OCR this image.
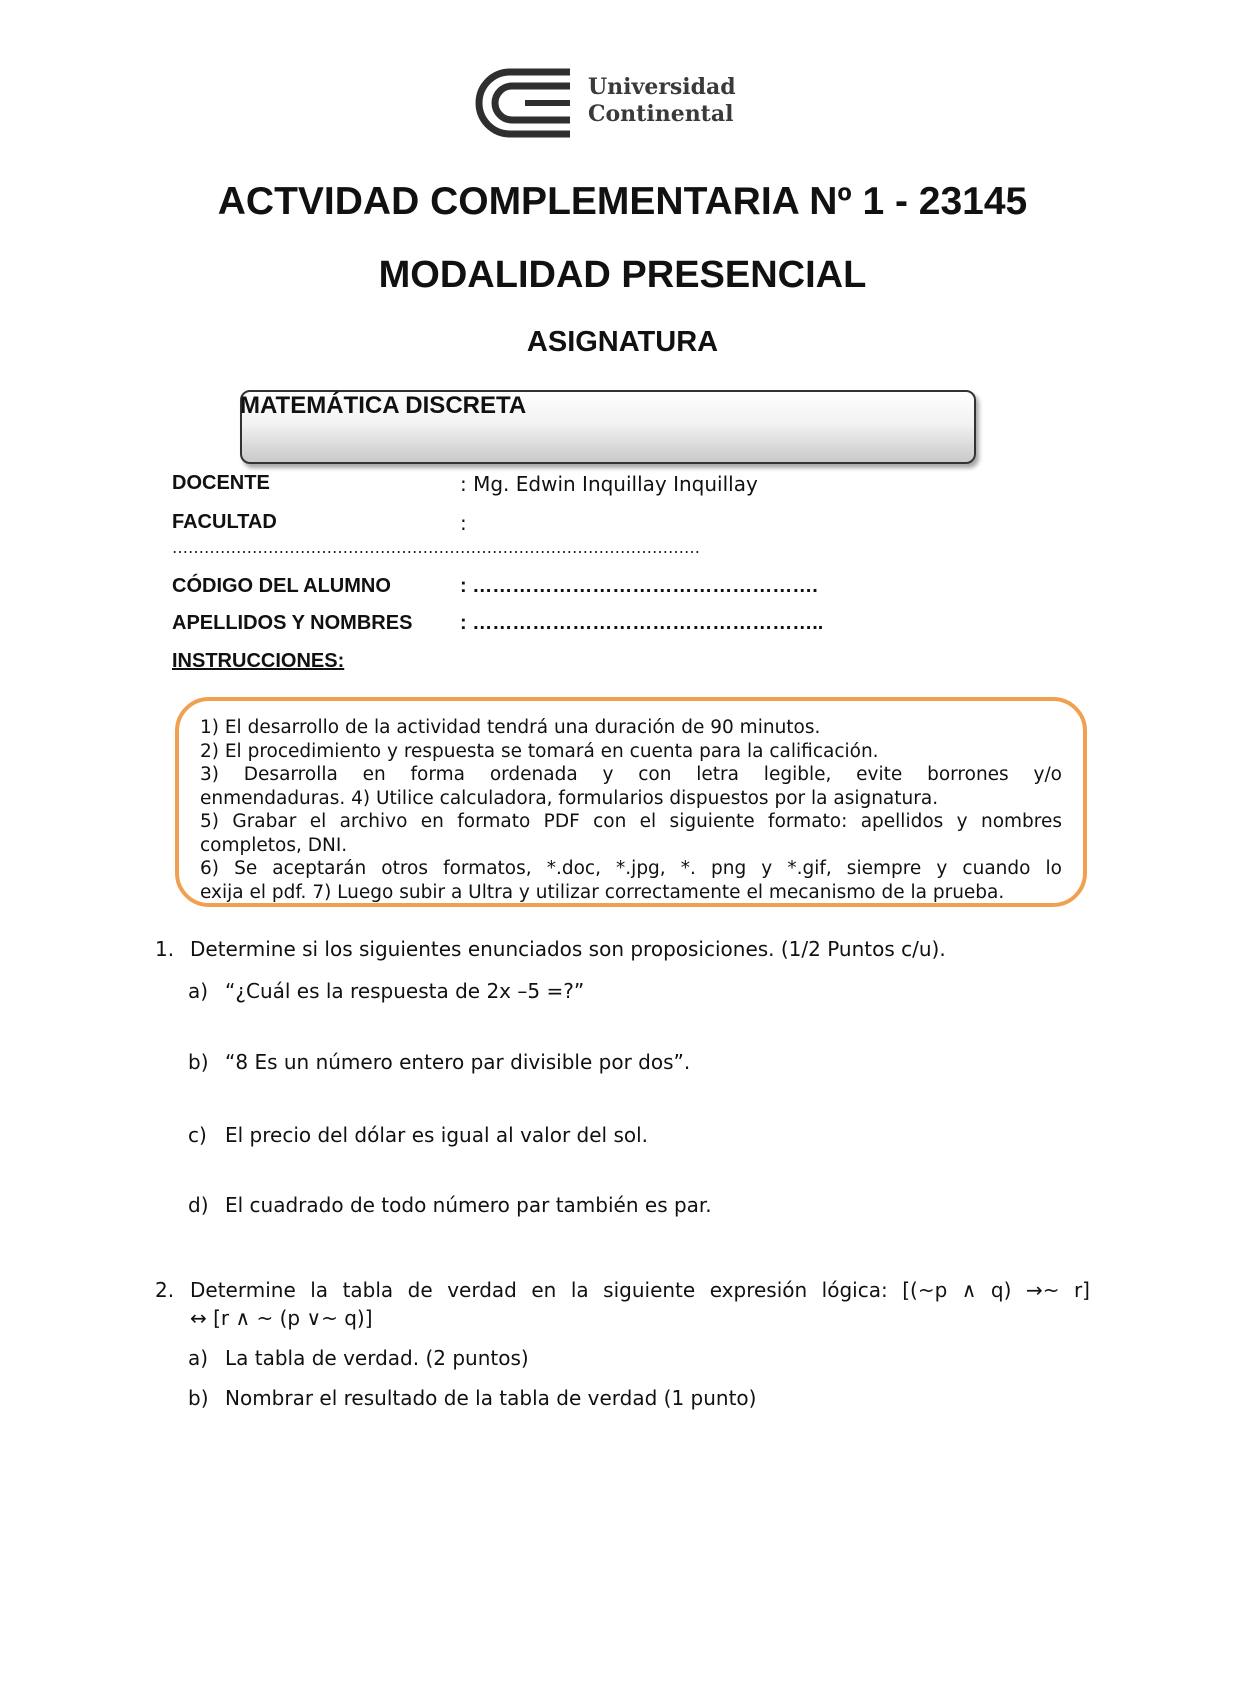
Universidad
Continental
ACTVIDAD COMPLEMENTARIA Nº 1 - 23145
MODALIDAD PRESENCIAL
ASIGNATURA
MATEMÁTICA DISCRETA
DOCENTE	: Mg. Edwin Inquillay Inquillay
FACULTAD	:
………………………………………………………………………………………
CÓDIGO DEL ALUMNO	: …………………………………………….
APELLIDOS Y NOMBRES : ……………………………………………..
INSTRUCCIONES:

1) El desarrollo de la actividad tendrá una duración de 90 minutos.

2) El procedimiento y respuesta se tomará en cuenta para la calificación.

3) Desarrolla en forma ordenada y con letra legible, evite borrones y/o

enmendaduras. 4) Utilice calculadora, formularios dispuestos por la asignatura.

5) Grabar el archivo en formato PDF con el siguiente formato: apellidos y nombres

completos, DNI.

6) Se aceptarán otros formatos, *.doc, *.jpg, *. png y *.gif, siempre y cuando lo

exija el pdf. 7) Luego subir a Ultra y utilizar correctamente el mecanismo de la prueba.

1. Determine si los siguientes enunciados son proposiciones. (1/2 Puntos c/u).
a) “¿Cuál es la respuesta de 2x –5 =?”
b) “8 Es un número entero par divisible por dos”.
c) El precio del dólar es igual al valor del sol.
d) El cuadrado de todo número par también es par.
2. Determine la tabla de verdad en la siguiente expresión lógica: [(~p ∧ q) →~ r]
↔ [r ∧ ~ (p ∨~ q)]
a) La tabla de verdad. (2 puntos)
b) Nombrar el resultado de la tabla de verdad (1 punto)
